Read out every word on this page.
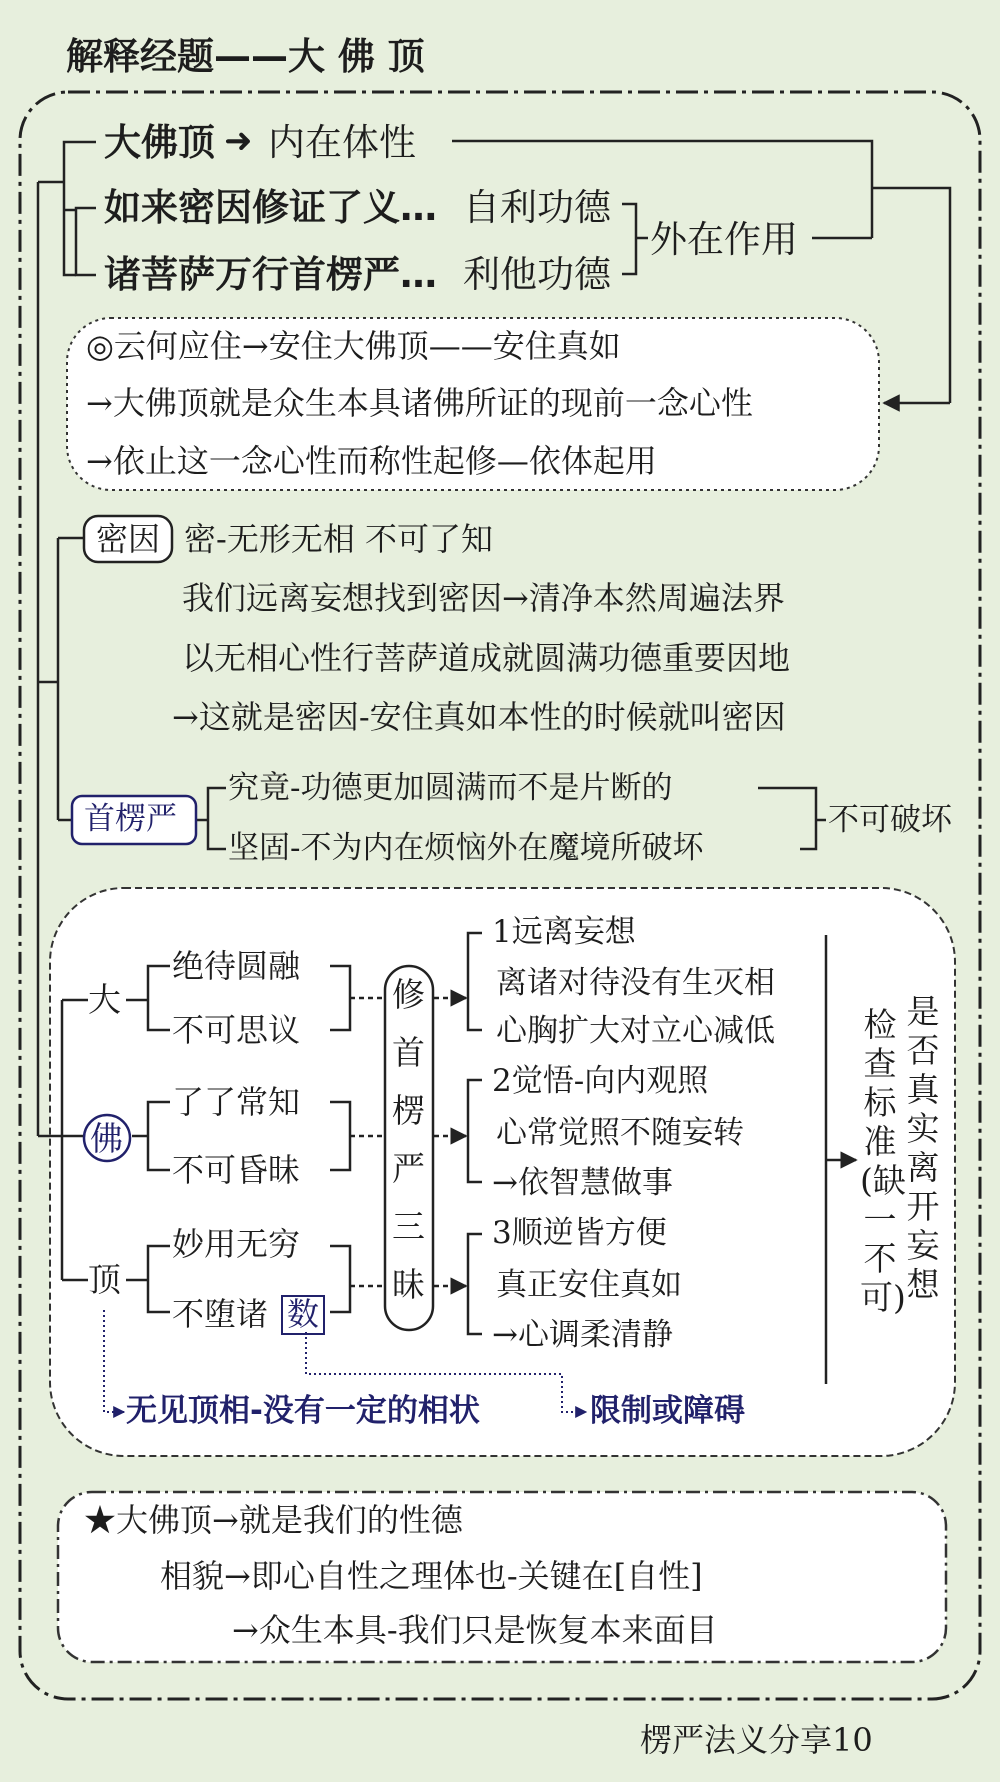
解释经题——大 佛 顶
大佛顶 ➜ 内在体性
如来密因修证了义… 自利功德
诸菩萨万行首楞严… 利他功德
外在作用
◎云何应住→安住大佛顶——安住真如
→大佛顶就是众生本具诸佛所证的现前一念心性
→依止这一念心性而称性起修—依体起用
密因 密-无形无相 不可了知
我们远离妄想找到密因→清净本然周遍法界
以无相心性行菩萨道成就圆满功德重要因地
→这就是密因-安住真如本性的时候就叫密因
首楞严
究竟-功德更加圆满而不是片断的
坚固-不为内在烦恼外在魔境所破坏
不可破坏
大
佛
顶
绝待圆融
不可思议
了了常知
不可昏昧
妙用无穷
不堕诸 数
修
首
楞
严
三
昧
1远离妄想
离诸对待没有生灭相
心胸扩大对立心减低
2觉悟-向内观照
心常觉照不随妄转
→依智慧做事
3顺逆皆方便
真正安住真如
→心调柔清静
是否真实离开妄想
检查标准(缺一不可)
无见顶相-没有一定的相状	限制或障碍
★大佛顶→就是我们的性德
相貌→即心自性之理体也-关键在[自性]
→众生本具-我们只是恢复本来面目
楞严法义分享10
